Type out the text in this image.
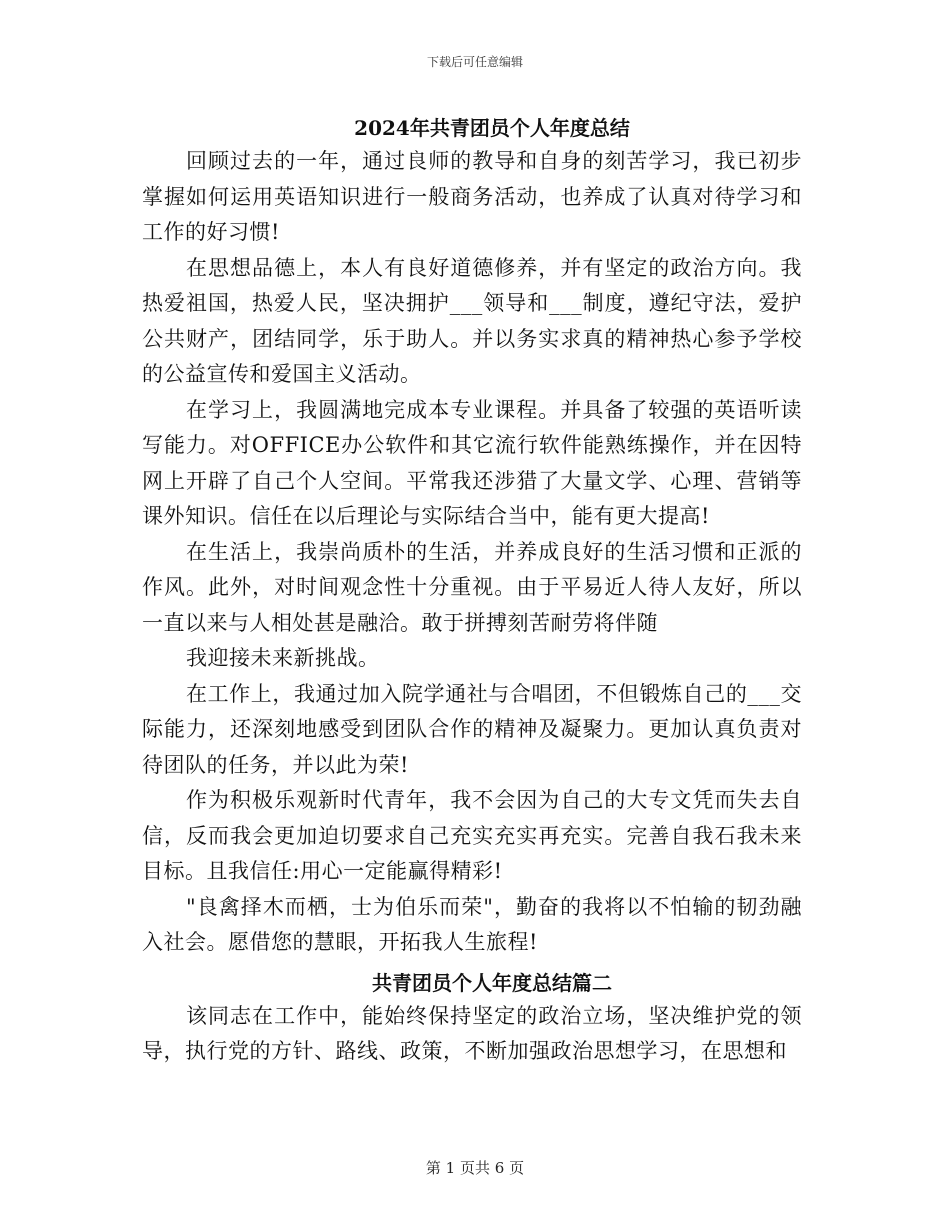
下载后可任意编辑
2024年共青团员个人年度总结

回顾过去的一年，通过良师的教导和自身的刻苦学习，我已初步掌握如何运用英语知识进行一般商务活动，也养成了认真对待学习和工作的好习惯!

在思想品德上，本人有良好道德修养，并有坚定的政治方向。我热爱祖国，热爱人民，坚决拥护___领导和___制度，遵纪守法，爱护公共财产，团结同学，乐于助人。并以务实求真的精神热心参予学校的公益宣传和爱国主义活动。

在学习上，我圆满地完成本专业课程。并具备了较强的英语听读写能力。对OFFICE办公软件和其它流行软件能熟练操作，并在因特网上开辟了自己个人空间。平常我还涉猎了大量文学、心理、营销等课外知识。信任在以后理论与实际结合当中，能有更大提高!

在生活上，我崇尚质朴的生活，并养成良好的生活习惯和正派的作风。此外，对时间观念性十分重视。由于平易近人待人友好，所以一直以来与人相处甚是融洽。敢于拼搏刻苦耐劳将伴随

我迎接未来新挑战。

在工作上，我通过加入院学通社与合唱团，不但锻炼自己的___交际能力，还深刻地感受到团队合作的精神及凝聚力。更加认真负责对待团队的任务，并以此为荣!

作为积极乐观新时代青年，我不会因为自己的大专文凭而失去自信，反而我会更加迫切要求自己充实充实再充实。完善自我石我未来目标。且我信任:用心一定能赢得精彩!

"良禽择木而栖，士为伯乐而荣"，勤奋的我将以不怕输的韧劲融入社会。愿借您的慧眼，开拓我人生旅程!

共青团员个人年度总结篇二

该同志在工作中，能始终保持坚定的政治立场，坚决维护党的领导，执行党的方针、路线、政策，不断加强政治思想学习，在思想和

第 1 页共 6 页
